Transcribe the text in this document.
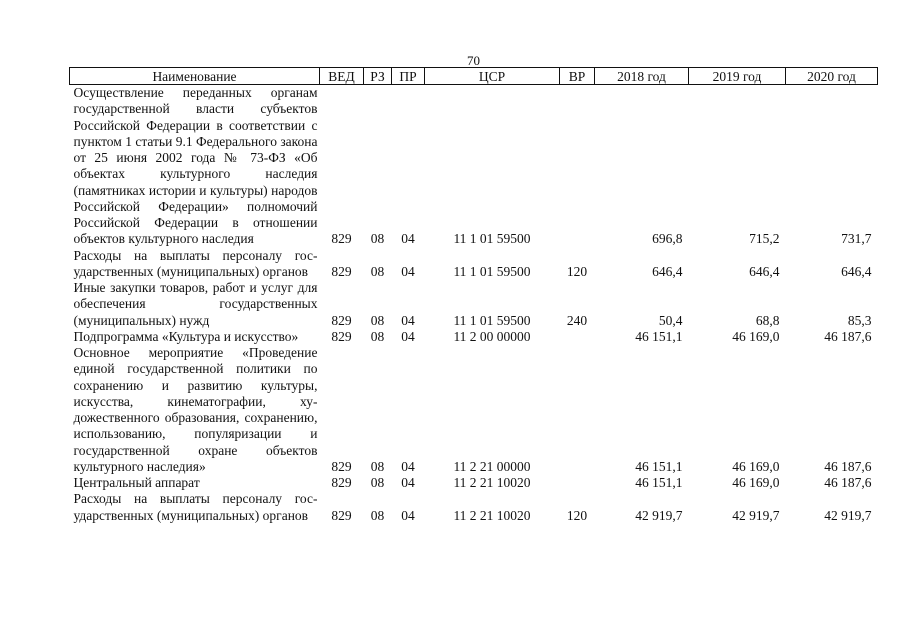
70
Наименование	ВЕД	РЗ	ПР	ЦСР	ВР	2018 год	2019 год	2020 год
Осуществление переданных органам государственной власти субъектов Российской Федерации в соответствии с пунктом 1 статьи 9.1 Федерального закона от 25 июня 2002 года № 73-ФЗ «Об объектах культурного наследия (памятниках истории и культуры) народов Российской Федерации» полномочий Российской Федерации в отношении объектов культурного наследия	829	08	04	11 1 01 59500		696,8	715,2	731,7
Расходы на выплаты персоналу государственных (муниципальных) органов	829	08	04	11 1 01 59500	120	646,4	646,4	646,4
Иные закупки товаров, работ и услуг для обеспечения государственных (муниципальных) нужд	829	08	04	11 1 01 59500	240	50,4	68,8	85,3
Подпрограмма «Культура и искусство»	829	08	04	11 2 00 00000		46 151,1	46 169,0	46 187,6
Основное мероприятие «Проведение единой государственной политики по сохранению и развитию культуры, искусства, кинематографии, художественного образования, сохранению, использованию, популяризации и государственной охране объектов культурного наследия»	829	08	04	11 2 21 00000		46 151,1	46 169,0	46 187,6
Центральный аппарат	829	08	04	11 2 21 10020		46 151,1	46 169,0	46 187,6
Расходы на выплаты персоналу государственных (муниципальных) органов	829	08	04	11 2 21 10020	120	42 919,7	42 919,7	42 919,7
